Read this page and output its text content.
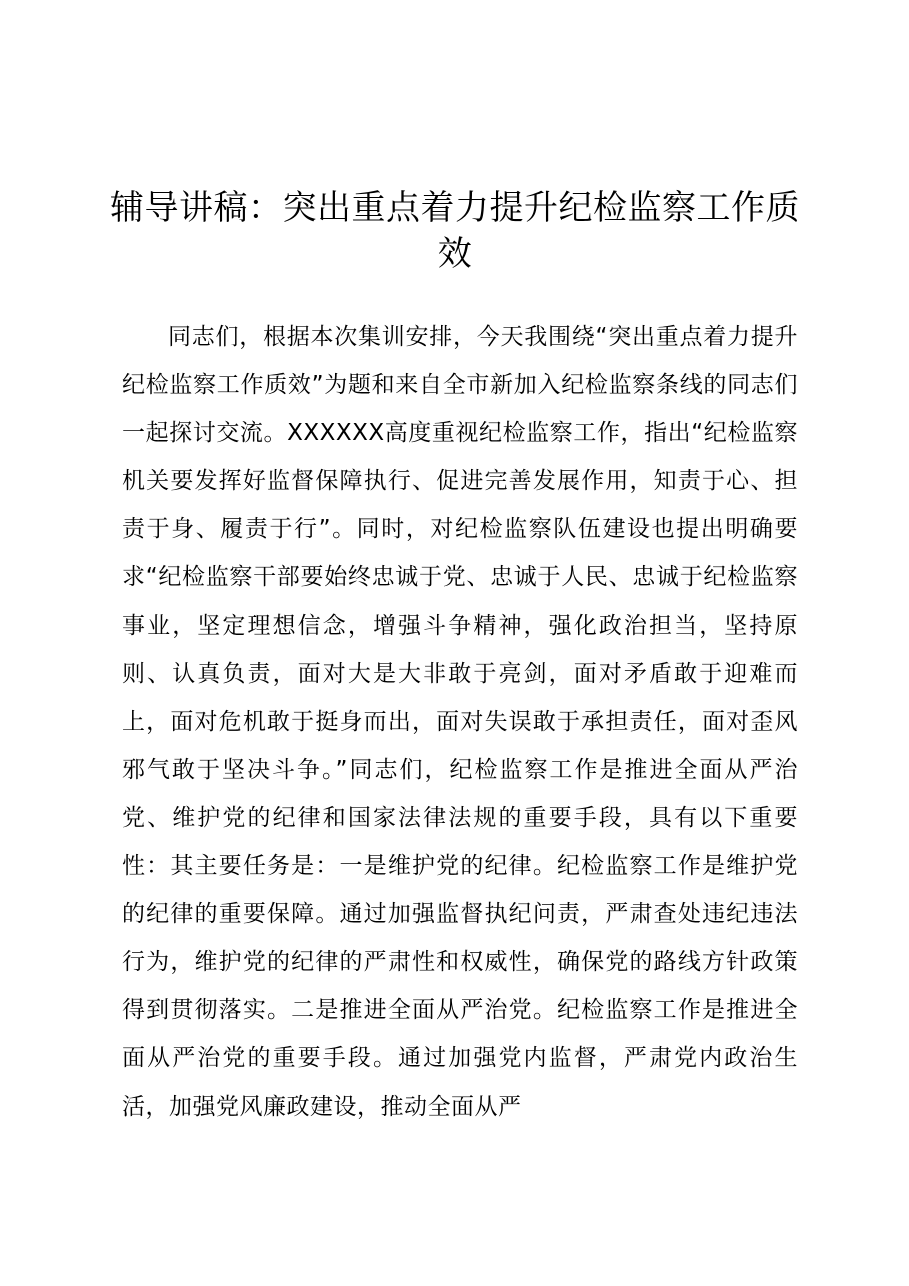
辅导讲稿：突出重点着力提升纪检监察工作质效

同志们，根据本次集训安排，今天我围绕“突出重点着力提升纪检监察工作质效”为题和来自全市新加入纪检监察条线的同志们一起探讨交流。XXXXXX高度重视纪检监察工作，指出“纪检监察机关要发挥好监督保障执行、促进完善发展作用，知责于心、担责于身、履责于行”。同时，对纪检监察队伍建设也提出明确要求“纪检监察干部要始终忠诚于党、忠诚于人民、忠诚于纪检监察事业，坚定理想信念，增强斗争精神，强化政治担当，坚持原则、认真负责，面对大是大非敢于亮剑，面对矛盾敢于迎难而上，面对危机敢于挺身而出，面对失误敢于承担责任，面对歪风邪气敢于坚决斗争。”同志们，纪检监察工作是推进全面从严治党、维护党的纪律和国家法律法规的重要手段，具有以下重要性：其主要任务是：一是维护党的纪律。纪检监察工作是维护党的纪律的重要保障。通过加强监督执纪问责，严肃查处违纪违法行为，维护党的纪律的严肃性和权威性，确保党的路线方针政策得到贯彻落实。二是推进全面从严治党。纪检监察工作是推进全面从严治党的重要手段。通过加强党内监督，严肃党内政治生活，加强党风廉政建设，推动全面从严
